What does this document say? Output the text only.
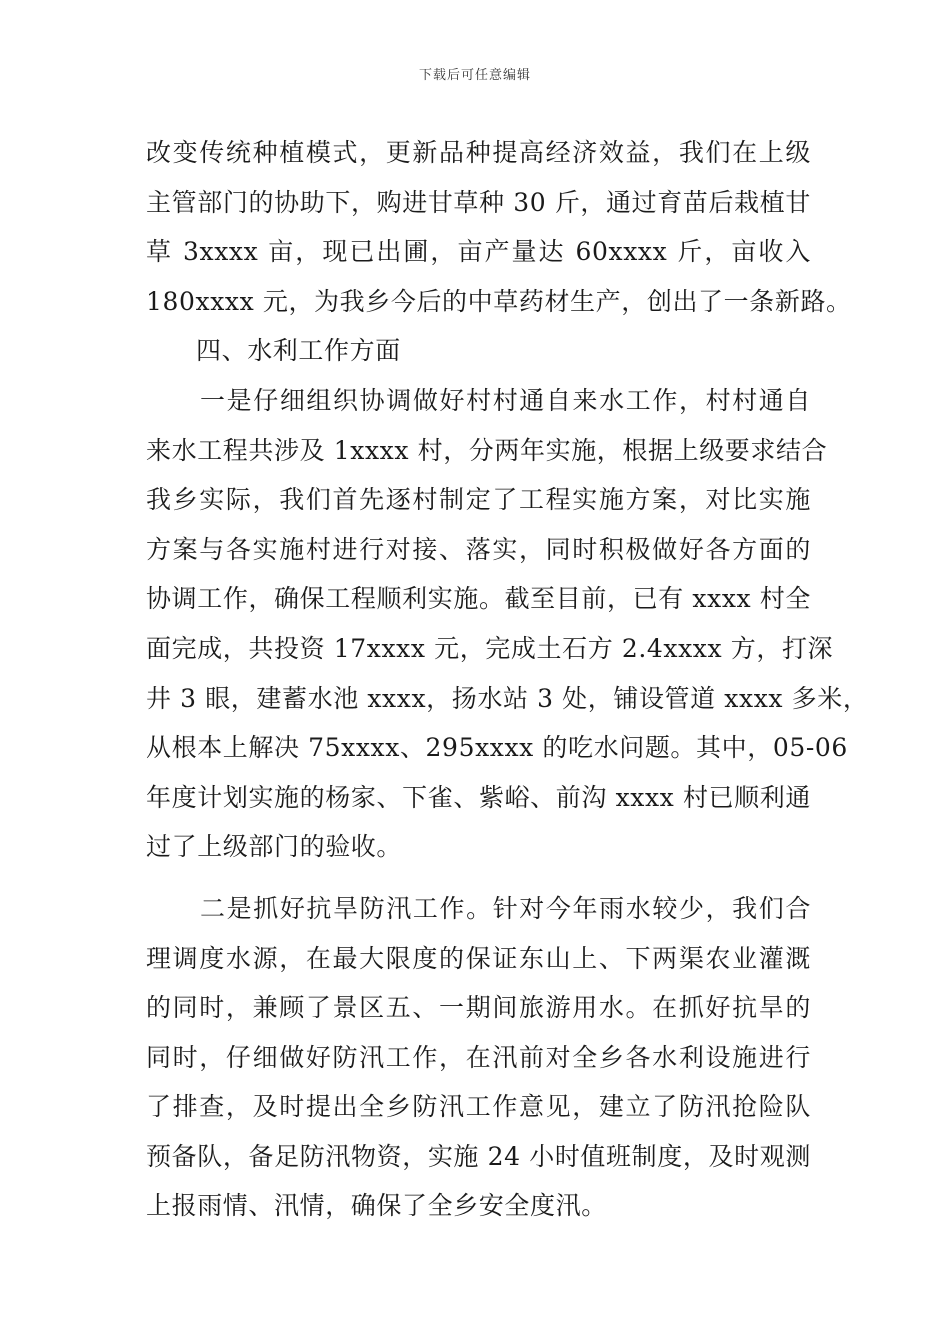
下载后可任意编辑
改变传统种植模式，更新品种提高经济效益，我们在上级
主管部门的协助下，购进甘草种 30 斤，通过育苗后栽植甘
草 3xxxx 亩，现已出圃，亩产量达 60xxxx 斤，亩收入
180xxxx 元，为我乡今后的中草药材生产，创出了一条新路。
四、水利工作方面
一是仔细组织协调做好村村通自来水工作，村村通自
来水工程共涉及 1xxxx 村，分两年实施，根据上级要求结合
我乡实际，我们首先逐村制定了工程实施方案，对比实施
方案与各实施村进行对接、落实，同时积极做好各方面的
协调工作，确保工程顺利实施。截至目前，已有 xxxx 村全
面完成，共投资 17xxxx 元，完成土石方 2.4xxxx 方，打深
井 3 眼，建蓄水池 xxxx，扬水站 3 处，铺设管道 xxxx 多米，
从根本上解决 75xxxx、295xxxx 的吃水问题。其中，05-06
年度计划实施的杨家、下雀、紫峪、前沟 xxxx 村已顺利通
过了上级部门的验收。
二是抓好抗旱防汛工作。针对今年雨水较少，我们合
理调度水源，在最大限度的保证东山上、下两渠农业灌溉
的同时，兼顾了景区五、一期间旅游用水。在抓好抗旱的
同时，仔细做好防汛工作，在汛前对全乡各水利设施进行
了排查，及时提出全乡防汛工作意见，建立了防汛抢险队
预备队，备足防汛物资，实施 24 小时值班制度，及时观测
上报雨情、汛情，确保了全乡安全度汛。
